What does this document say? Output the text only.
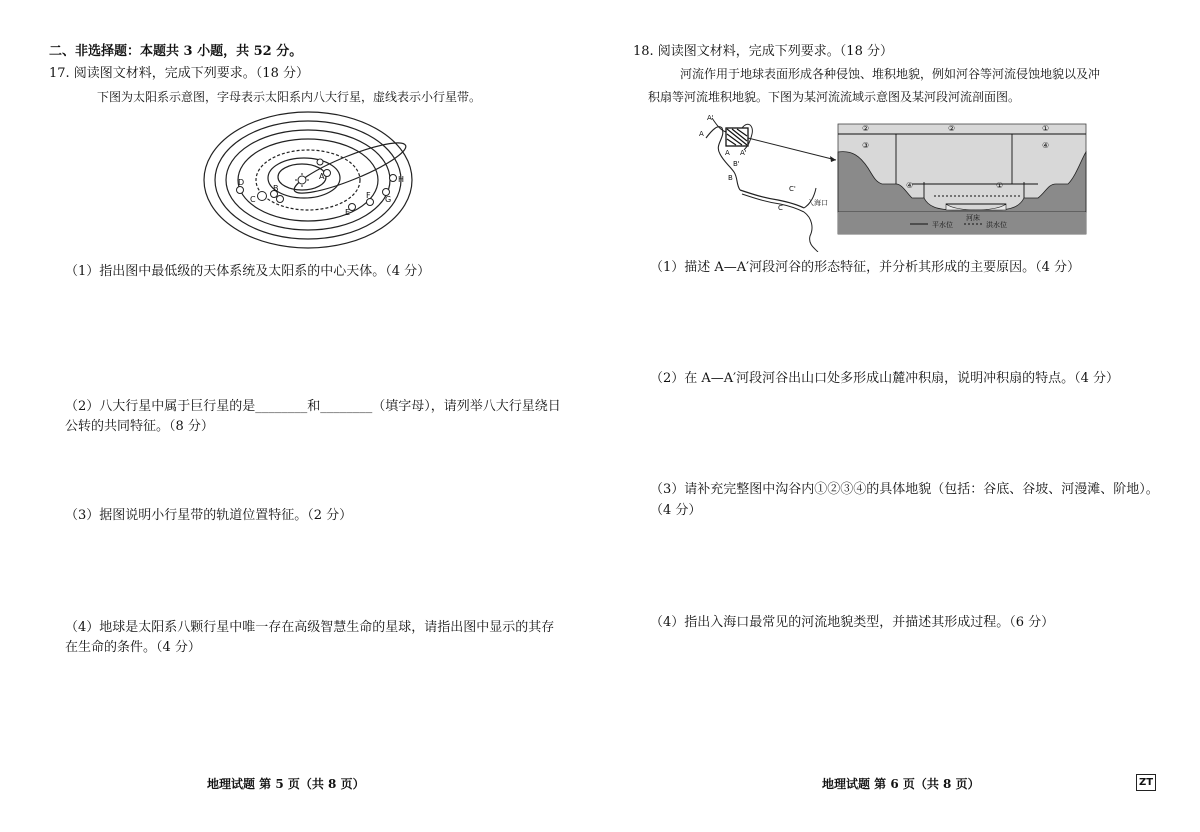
二、非选择题：本题共 3 小题，共 52 分。
17. 阅读图文材料，完成下列要求。（18 分）
下图为太阳系示意图，字母表示太阳系内八大行星，虚线表示小行星带。
A
B
C
D
E
F G
H
（1）指出图中最低级的天体系统及太阳系的中心天体。（4 分）
（2）八大行星中属于巨行星的是________和________（填字母），请列举八大行星绕日
公转的共同特征。（8 分）
（3）据图说明小行星带的轨道位置特征。（2 分）
（4）地球是太阳系八颗行星中唯一存在高级智慧生命的星球，请指出图中显示的其存
在生命的条件。（4 分）
地理试题 第 5 页（共 8 页）
18. 阅读图文材料，完成下列要求。（18 分）
河流作用于地球表面形成各种侵蚀、堆积地貌，例如河谷等河流侵蚀地貌以及冲
积扇等河流堆积地貌。下图为某河流流域示意图及某河段河流剖面图。
A'
A
A A'
B'
B
C'
C
入海口
②	②	①
③	④
④	①
河床
平水位	洪水位
（1）描述 A—A′河段河谷的形态特征，并分析其形成的主要原因。（4 分）
（2）在 A—A′河段河谷出山口处多形成山麓冲积扇，说明冲积扇的特点。（4 分）
（3）请补充完整图中沟谷内①②③④的具体地貌（包括：谷底、谷坡、河漫滩、阶地）。
（4 分）
（4）指出入海口最常见的河流地貌类型，并描述其形成过程。（6 分）
地理试题 第 6 页（共 8 页）	ZT
